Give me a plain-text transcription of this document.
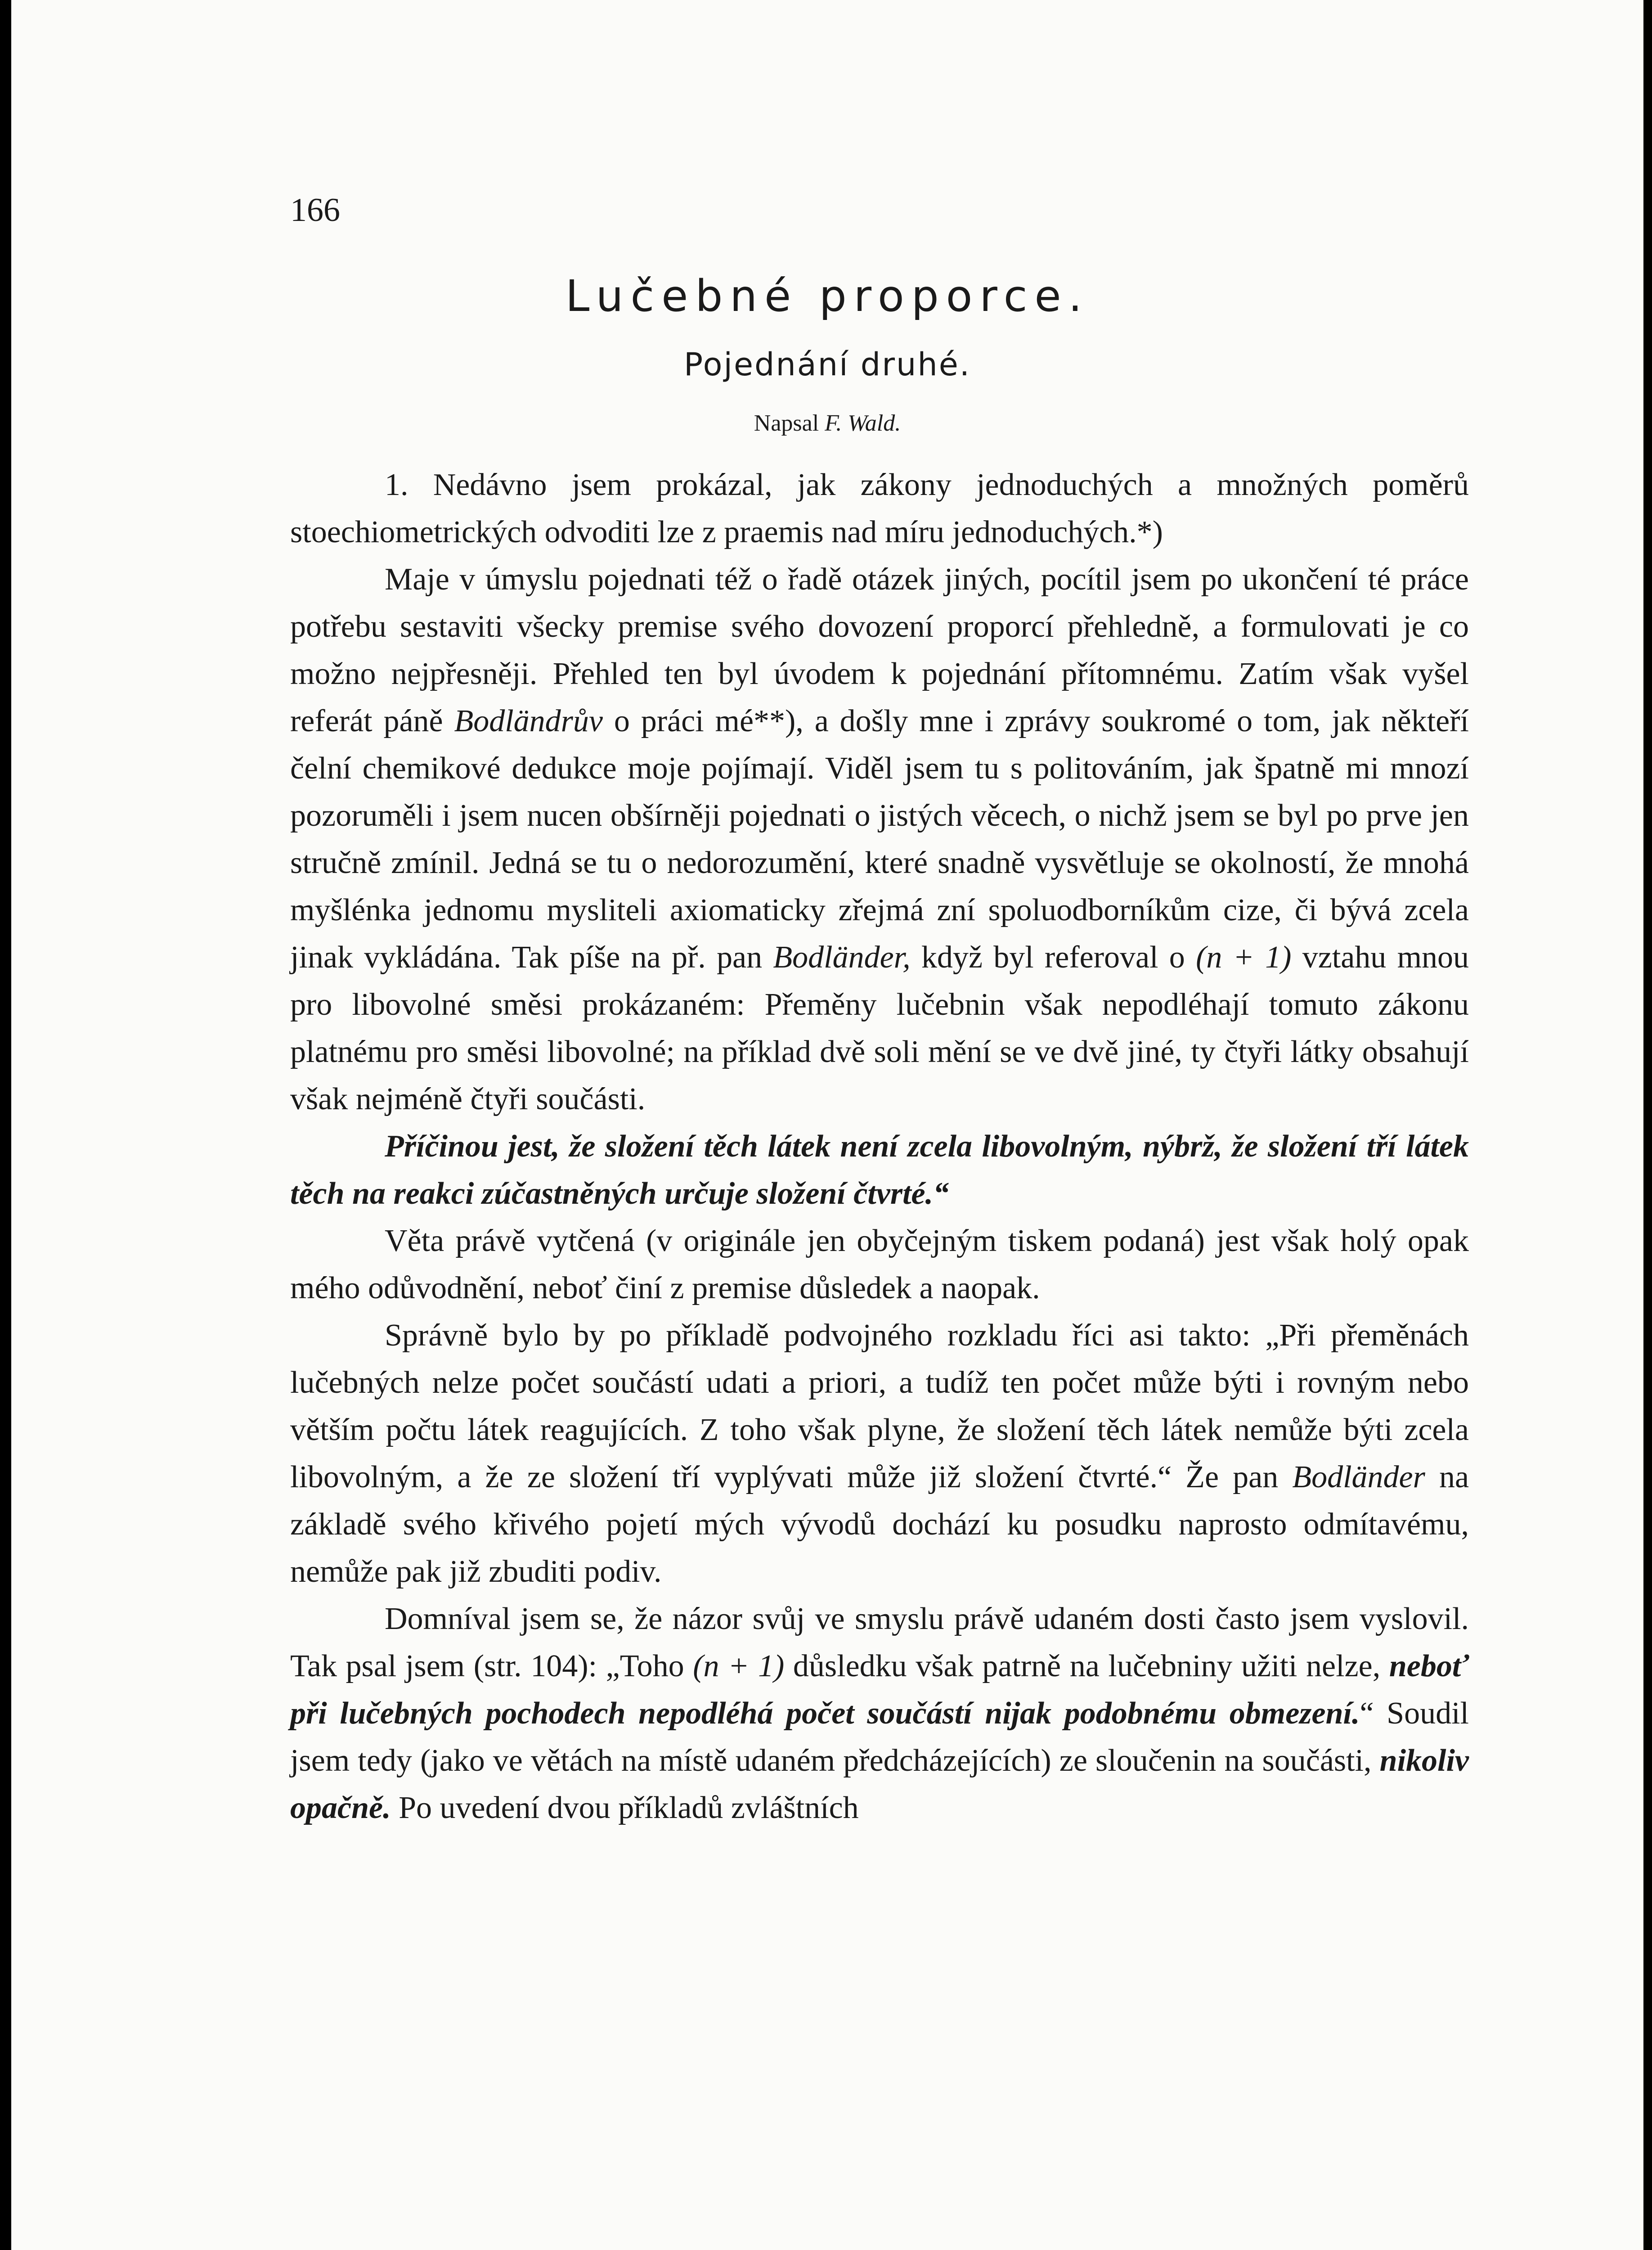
166
Lučebné proporce.
Pojednání druhé.
Napsal F. Wald.

1. Nedávno jsem prokázal, jak zákony jednoduchých a množných poměrů stoechiometrických odvoditi lze z praemis nad míru jednoduchých.*)

Maje v úmyslu pojednati též o řadě otázek jiných, pocítil jsem po ukončení té práce potřebu sestaviti všecky premise svého dovození proporcí přehledně, a formulovati je co možno nejpřesněji. Přehled ten byl úvodem k pojednání přítomnému. Zatím však vyšel referát páně Bodländrův o práci mé**), a došly mne i zprávy soukromé o tom, jak někteří čelní chemikové dedukce moje pojímají. Viděl jsem tu s politováním, jak špatně mi mnozí pozoruměli i jsem nucen obšírněji pojednati o jistých věcech, o nichž jsem se byl po prve jen stručně zmínil. Jedná se tu o nedorozumění, které snadně vysvětluje se okolností, že mnohá myšlénka jednomu mysliteli axiomaticky zřejmá zní spoluodborníkům cize, či bývá zcela jinak vykládána. Tak píše na př. pan Bodländer, když byl referoval o (n + 1) vztahu mnou pro libovolné směsi prokázaném: Přeměny lučebnin však nepodléhají tomuto zákonu platnému pro směsi libovolné; na příklad dvě soli mění se ve dvě jiné, ty čtyři látky obsahují však nejméně čtyři součásti.

Příčinou jest, že složení těch látek není zcela libovolným, nýbrž, že složení tří látek těch na reakci zúčastněných určuje složení čtvrté.“

Věta právě vytčená (v originále jen obyčejným tiskem podaná) jest však holý opak mého odůvodnění, neboť činí z premise důsledek a naopak.

Správně bylo by po příkladě podvojného rozkladu říci asi takto: „Při přeměnách lučebných nelze počet součástí udati a priori, a tudíž ten počet může býti i rovným nebo větším počtu látek reagujících. Z toho však plyne, že složení těch látek nemůže býti zcela libovolným, a že ze složení tří vyplývati může již složení čtvrté.“ Že pan Bodländer na základě svého křivého pojetí mých vývodů dochází ku posudku naprosto odmítavému, nemůže pak již zbuditi podiv.

Domníval jsem se, že názor svůj ve smyslu právě udaném dosti často jsem vyslovil. Tak psal jsem (str. 104): „Toho (n + 1) důsledku však patrně na lučebniny užiti nelze, neboť při lučebných pochodech nepodléhá počet součástí nijak podobnému obmezení.“ Soudil jsem tedy (jako ve větách na místě udaném předcházejících) ze sloučenin na součásti, nikoliv opačně. Po uvedení dvou příkladů zvláštních
